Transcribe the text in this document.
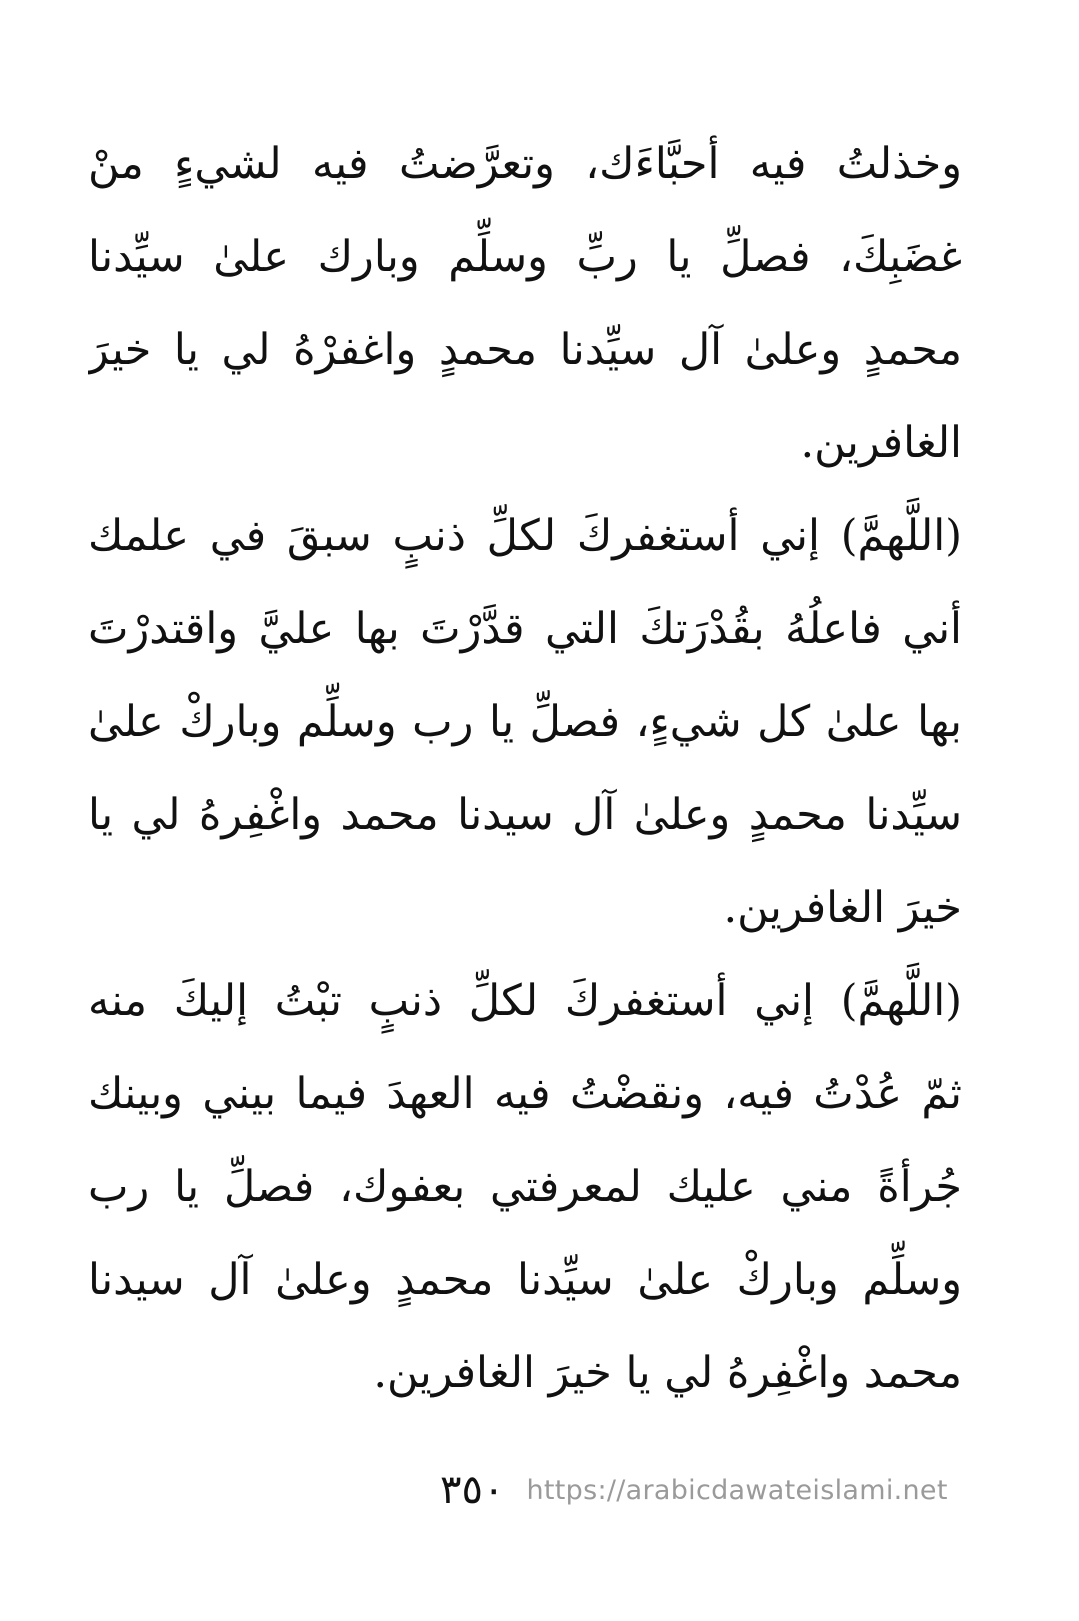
وخذلتُ فيه أحبَّاءَك، وتعرَّضتُ فيه لشيءٍ منْ
غضَبِكَ، فصلِّ يا ربِّ وسلِّم وبارك علىٰ سيِّدنا
محمدٍ وعلىٰ آل سيِّدنا محمدٍ واغفرْهُ لي يا خيرَ
الغافرين.
(اللَّهمَّ) إني أستغفركَ لكلِّ ذنبٍ سبقَ في علمك
أني فاعلُهُ بقُدْرَتكَ التي قدَّرْتَ بها عليَّ واقتدرْتَ
بها علىٰ كل شيءٍ، فصلِّ يا رب وسلِّم وباركْ علىٰ
سيِّدنا محمدٍ وعلىٰ آل سيدنا محمد واغْفِرهُ لي يا
خيرَ الغافرين.
(اللَّهمَّ) إني أستغفركَ لكلِّ ذنبٍ تبْتُ إليكَ منه
ثمّ عُدْتُ فيه، ونقضْتُ فيه العهدَ فيما بيني وبينك
جُرأةً مني عليك لمعرفتي بعفوك، فصلِّ يا رب
وسلِّم وباركْ علىٰ سيِّدنا محمدٍ وعلىٰ آل سيدنا
محمد واغْفِرهُ لي يا خيرَ الغافرين.
٣٥٠ https://arabicdawateislami.net
